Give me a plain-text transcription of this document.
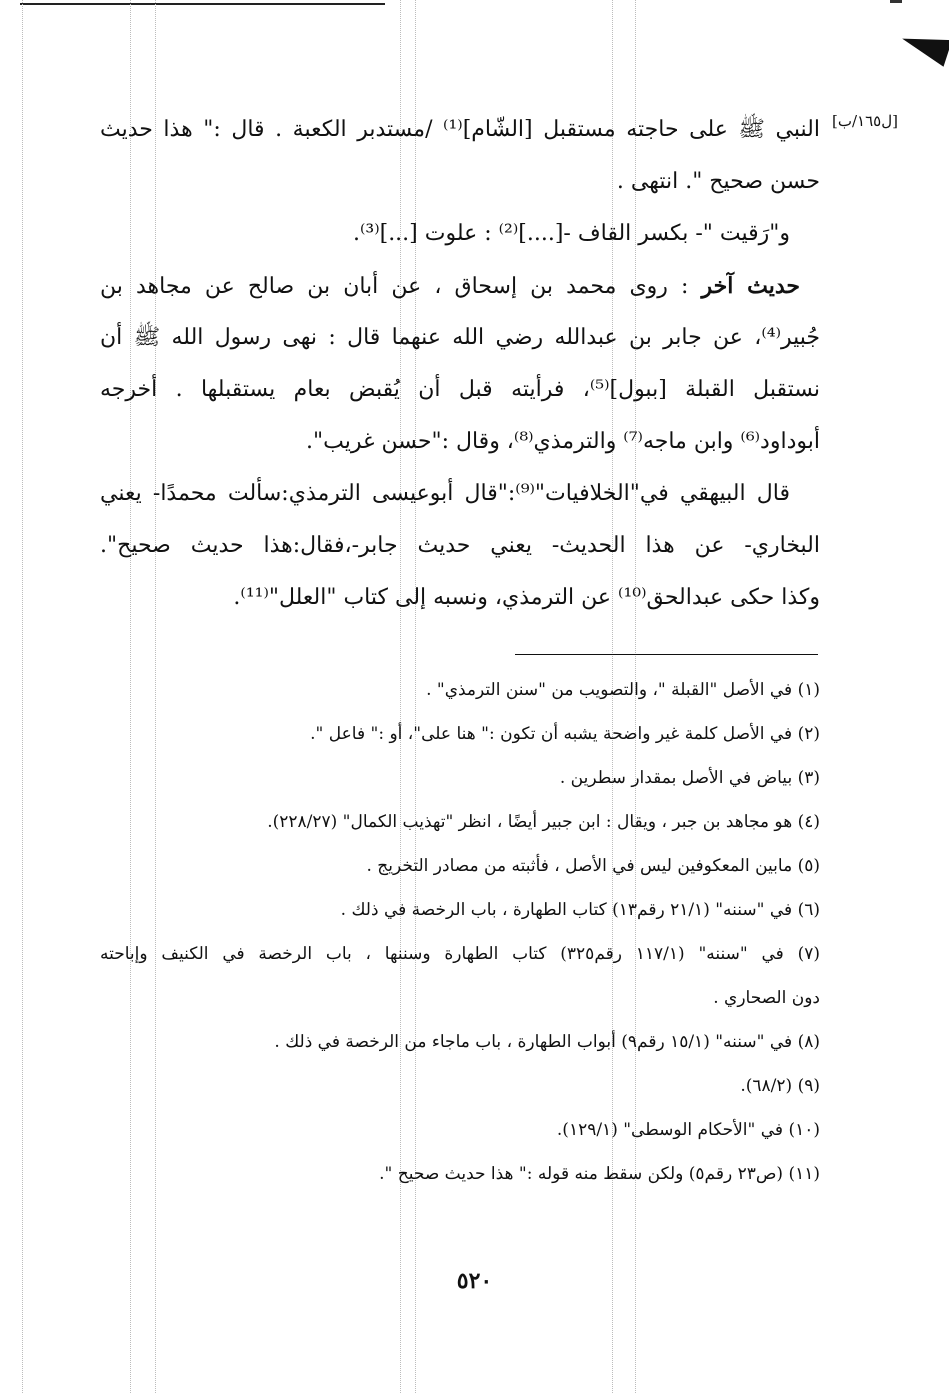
[ل١٦٥/ب]
النبي ﷺ على حاجته مستقبل [الشّام]⁽¹⁾ /مستدبر الكعبة . قال :" هذا حديث
حسن صحيح ". انتهى .
و"رَقيت "- بكسر القاف -[....]⁽²⁾ : علوت [...]⁽³⁾.
حديث آخر : روى محمد بن إسحاق ، عن أبان بن صالح عن مجاهد بن
جُبير⁽⁴⁾، عن جابر بن عبدالله رضي الله عنهما قال : نهى رسول الله ﷺ أن
نستقبل القبلة [ببول]⁽⁵⁾، فرأيته قبل أن يُقبض بعام يستقبلها . أخرجه
أبوداود⁽⁶⁾ وابن ماجه⁽⁷⁾ والترمذي⁽⁸⁾، وقال :"حسن غريب".
قال البيهقي في"الخلافيات"⁽⁹⁾:"قال أبوعيسى الترمذي:سألت محمدًا- يعني
البخاري- عن هذا الحديث- يعني حديث جابر-،فقال:هذا حديث صحيح".
وكذا حكى عبدالحق⁽¹⁰⁾ عن الترمذي، ونسبه إلى كتاب "العلل"⁽¹¹⁾.
(١) في الأصل "القبلة "، والتصويب من "سنن الترمذي" .
(٢) في الأصل كلمة غير واضحة يشبه أن تكون :" هنا على"، أو :" فاعل ".
(٣) بياض في الأصل بمقدار سطرين .
(٤) هو مجاهد بن جبر ، ويقال : ابن جبير أيضًا ، انظر "تهذيب الكمال" (٢٢٨/٢٧).
(٥) مابين المعكوفين ليس في الأصل ، فأثبته من مصادر التخريج .
(٦) في "سننه" (٢١/١ رقم١٣) كتاب الطهارة ، باب الرخصة في ذلك .
(٧) في "سننه" (١١٧/١ رقم٣٢٥) كتاب الطهارة وسننها ، باب الرخصة في الكنيف وإباحته
دون الصحاري .
(٨) في "سننه" (١٥/١ رقم٩) أبواب الطهارة ، باب ماجاء من الرخصة في ذلك .
(٩) (٦٨/٢).
(١٠) في "الأحكام الوسطى" (١٢٩/١).
(١١) (ص٢٣ رقم٥) ولكن سقط منه قوله :" هذا حديث صحيح ".
٥٢٠
